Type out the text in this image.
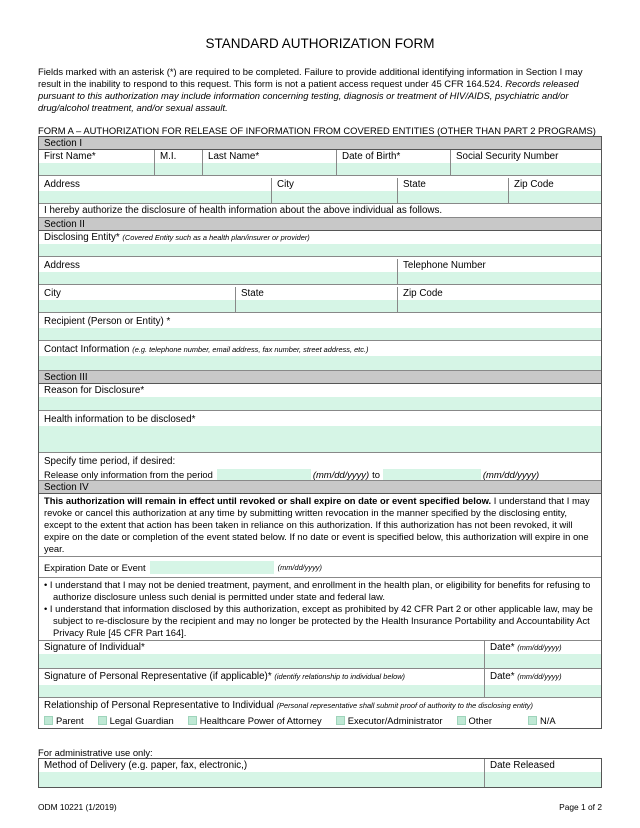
STANDARD AUTHORIZATION FORM
Fields marked with an asterisk (*) are required to be completed. Failure to provide additional identifying information in Section I may result in the inability to respond to this request. This form is not a patient access request under 45 CFR 164.524. Records released pursuant to this authorization may include information concerning testing, diagnosis or treatment of HIV/AIDS, psychiatric and/or drug/alcohol treatment, and/or sexual assault.
FORM A – AUTHORIZATION FOR RELEASE OF INFORMATION FROM COVERED ENTITIES (OTHER THAN PART 2 PROGRAMS)
Section I
First Name*	M.I.	Last Name*	Date of Birth*	Social Security Number
Address	City	State	Zip Code
I hereby authorize the disclosure of health information about the above individual as follows.
Section II
Disclosing Entity* (Covered Entity such as a health plan/insurer or provider)
Address	Telephone Number
City	State	Zip Code
Recipient (Person or Entity) *
Contact Information (e.g. telephone number, email address, fax number, street address, etc.)
Section III
Reason for Disclosure*
Health information to be disclosed*
Specify time period, if desired:
Release only information from the period	(mm/dd/yyyy) to	(mm/dd/yyyy)
Section IV
This authorization will remain in effect until revoked or shall expire on date or event specified below. I understand that I may revoke or cancel this authorization at any time by submitting written revocation in the manner specified by the disclosing entity, except to the extent that action has been taken in reliance on this authorization. If this authorization has not been revoked, it will expire on the date or completion of the event stated below. If no date or event is specified below, this authorization will expire in one year.
Expiration Date or Event	(mm/dd/yyyy)
• I understand that I may not be denied treatment, payment, and enrollment in the health plan, or eligibility for benefits for refusing to authorize disclosure unless such denial is permitted under state and federal law.
• I understand that information disclosed by this authorization, except as prohibited by 42 CFR Part 2 or other applicable law, may be subject to re-disclosure by the recipient and may no longer be protected by the Health Insurance Portability and Accountability Act Privacy Rule [45 CFR Part 164].
Signature of Individual*	Date* (mm/dd/yyyy)
Signature of Personal Representative (if applicable)* (identify relationship to individual below)	Date* (mm/dd/yyyy)
Relationship of Personal Representative to Individual (Personal representative shall submit proof of authority to the disclosing entity)
Parent	Legal Guardian	Healthcare Power of Attorney	Executor/Administrator	Other	N/A
For administrative use only:
Method of Delivery (e.g. paper, fax, electronic,)	Date Released
ODM 10221 (1/2019)	Page 1 of 2
